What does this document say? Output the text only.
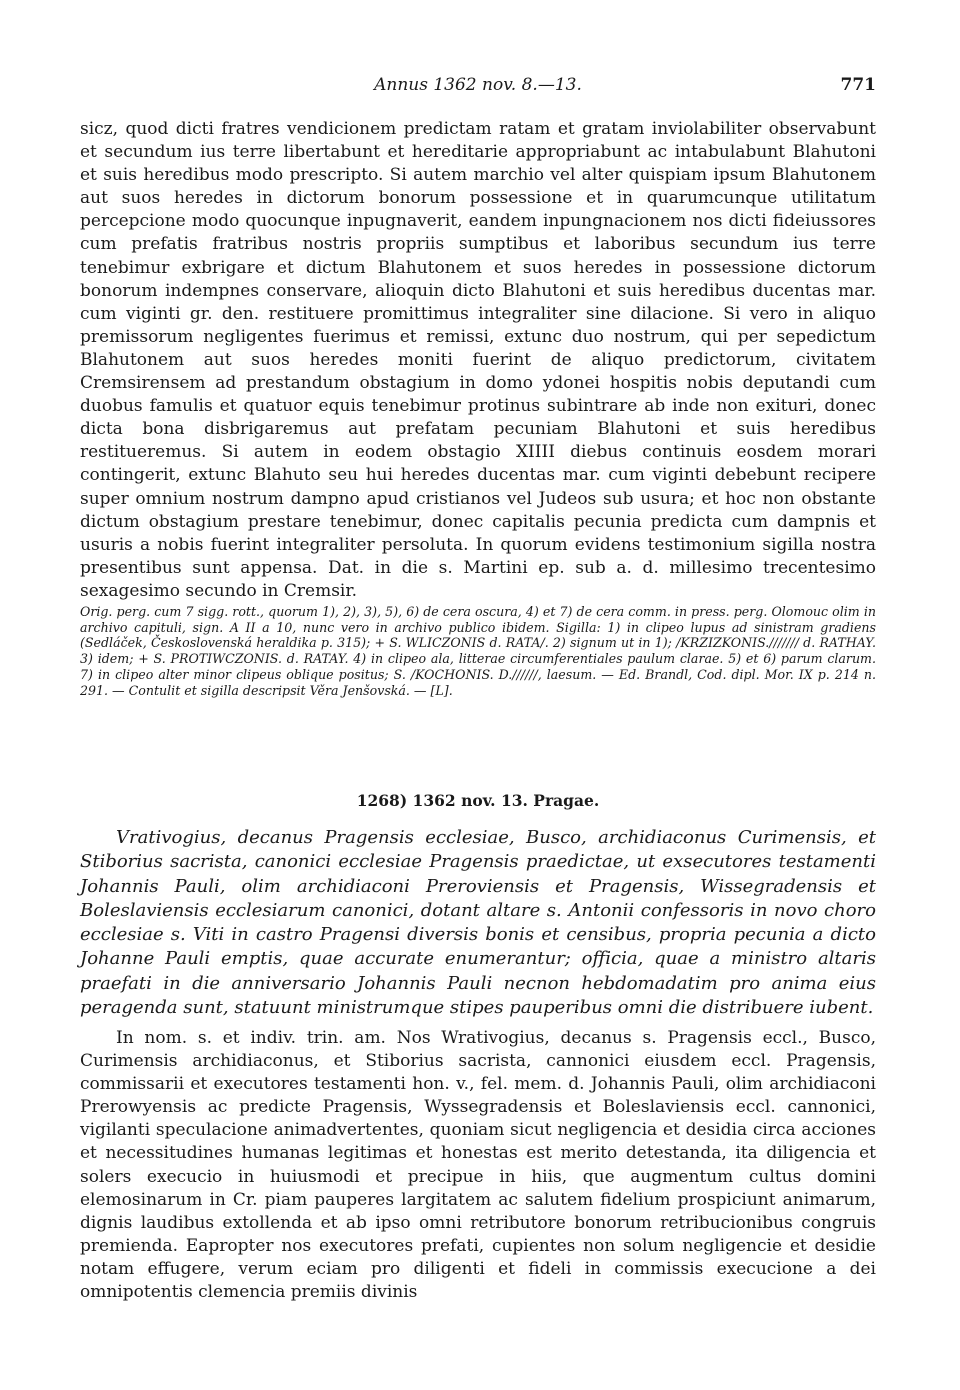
Annus 1362 nov. 8.—13.	771

sicz, quod dicti fratres vendicionem predictam ratam et gratam inviolabiliter observabunt et secundum ius terre libertabunt et hereditarie appropriabunt ac intabulabunt Blahutoni et suis heredibus modo prescripto. Si autem marchio vel alter quispiam ipsum Blahutonem aut suos heredes in dictorum bonorum possessione et in quarumcunque utilitatum percepcione modo quocunque inpugnaverit, eandem inpungnacionem nos dicti fideiussores cum prefatis fratribus nostris propriis sumptibus et laboribus secundum ius terre tenebimur exbrigare et dictum Blahutonem et suos heredes in possessione dictorum bonorum indempnes conservare, alioquin dicto Blahutoni et suis heredibus ducentas mar. cum viginti gr. den. restituere promittimus integraliter sine dilacione. Si vero in aliquo premissorum negligentes fuerimus et remissi, extunc duo nostrum, qui per sepedictum Blahutonem aut suos heredes moniti fuerint de aliquo predictorum, civitatem Cremsirensem ad prestandum obstagium in domo ydonei hospitis nobis deputandi cum duobus famulis et quatuor equis tenebimur protinus subintrare ab inde non exituri, donec dicta bona disbrigaremus aut prefatam pecuniam Blahutoni et suis heredibus restitueremus. Si autem in eodem obstagio XIIII diebus continuis eosdem morari contingerit, extunc Blahuto seu hui heredes ducentas mar. cum viginti debebunt recipere super omnium nostrum dampno apud cristianos vel Judeos sub usura; et hoc non obstante dictum obstagium prestare tenebimur, donec capitalis pecunia predicta cum dampnis et usuris a nobis fuerint integraliter persoluta. In quorum evidens testimonium sigilla nostra presentibus sunt appensa. Dat. in die s. Martini ep. sub a. d. millesimo trecentesimo sexagesimo secundo in Cremsir.

Orig. perg. cum 7 sigg. rott., quorum 1), 2), 3), 5), 6) de cera oscura, 4) et 7) de cera comm. in press. perg. Olomouc olim in archivo capituli, sign. A II a 10, nunc vero in archivo publico ibidem. Sigilla: 1) in clipeo lupus ad sinistram gradiens (Sedláček, Československá heraldika p. 315); + S. WLICZONIS d. RATA/. 2) signum ut in 1); /KRZIZKONIS./////// d. RATHAY. 3) idem; + S. PROTIWCZONIS. d. RATAY. 4) in clipeo ala, litterae circumferentiales paulum clarae. 5) et 6) parum clarum. 7) in clipeo alter minor clipeus oblique positus; S. /KOCHONIS. D.//////, laesum. — Ed. Brandl, Cod. dipl. Mor. IX p. 214 n. 291. — Contulit et sigilla descripsit Věra Jenšovská. — [L].

1268) 1362 nov. 13. Pragae.

Vrativogius, decanus Pragensis ecclesiae, Busco, archidiaconus Curimensis, et Stiborius sacrista, canonici ecclesiae Pragensis praedictae, ut exsecutores testamenti Johannis Pauli, olim archidiaconi Preroviensis et Pragensis, Wissegradensis et Boleslaviensis ecclesiarum canonici, dotant altare s. Antonii confessoris in novo choro ecclesiae s. Viti in castro Pragensi diversis bonis et censibus, propria pecunia a dicto Johanne Pauli emptis, quae accurate enumerantur; officia, quae a ministro altaris praefati in die anniversario Johannis Pauli necnon hebdomadatim pro anima eius peragenda sunt, statuunt ministrumque stipes pauperibus omni die distribuere iubent.

In nom. s. et indiv. trin. am. Nos Wrativogius, decanus s. Pragensis eccl., Busco, Curimensis archidiaconus, et Stiborius sacrista, cannonici eiusdem eccl. Pragensis, commissarii et executores testamenti hon. v., fel. mem. d. Johannis Pauli, olim archidiaconi Prerowyensis ac predicte Pragensis, Wyssegradensis et Boleslaviensis eccl. cannonici, vigilanti speculacione animadvertentes, quoniam sicut negligencia et desidia circa acciones et necessitudines humanas legitimas et honestas est merito detestanda, ita diligencia et solers execucio in huiusmodi et precipue in hiis, que augmentum cultus domini elemosinarum in Cr. piam pauperes largitatem ac salutem fidelium prospiciunt animarum, dignis laudibus extollenda et ab ipso omni retributore bonorum retribucionibus congruis premienda. Eapropter nos executores prefati, cupientes non solum negligencie et desidie notam effugere, verum eciam pro diligenti et fideli in commissis execucione a dei omnipotentis clemencia premiis divinis
